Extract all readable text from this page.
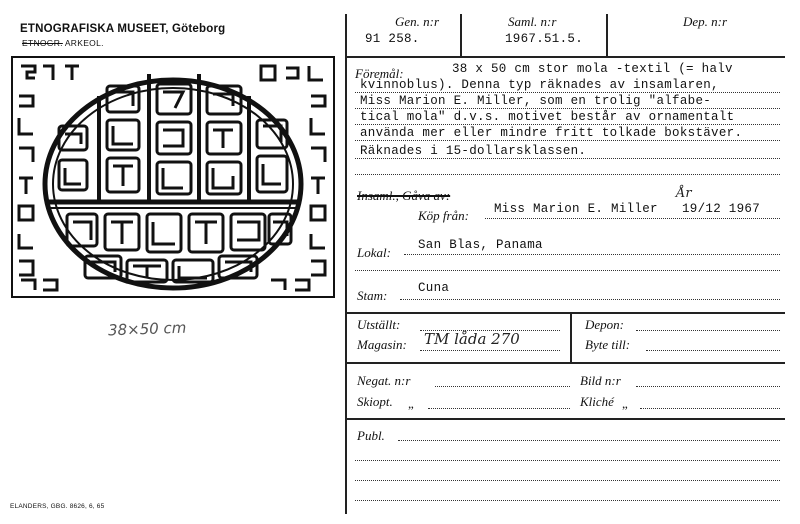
ETNOGRAFISKA MUSEET, Göteborg
ETNOGR. ARKEOL.
38×50 cm
ELANDERS, GBG. 8626, 6, 65
Gen. n:r
91 258.
Saml. n:r
1967.51.5.
Dep. n:r
Föremål:	38 x 50 cm stor mola -textil (= halv
kvinnoblus). Denna typ räknades av insamlaren,
Miss Marion E. Miller, som en trolig "alfabe-
tical mola" d.v.s. motivet består av ornamentalt
använda mer eller mindre fritt tolkade bokstäver.
Räknades i 15-dollarsklassen.
Insaml., Gåva av:
Köp från: Miss Marion E. Miller
År
19/12 1967
Lokal: San Blas, Panama
Stam: Cuna
Utställt:
Magasin: TM låda 270
Depon:
Byte till:
Negat. n:r	Bild n:r
Skiopt. „	Kliché „
Publ.
